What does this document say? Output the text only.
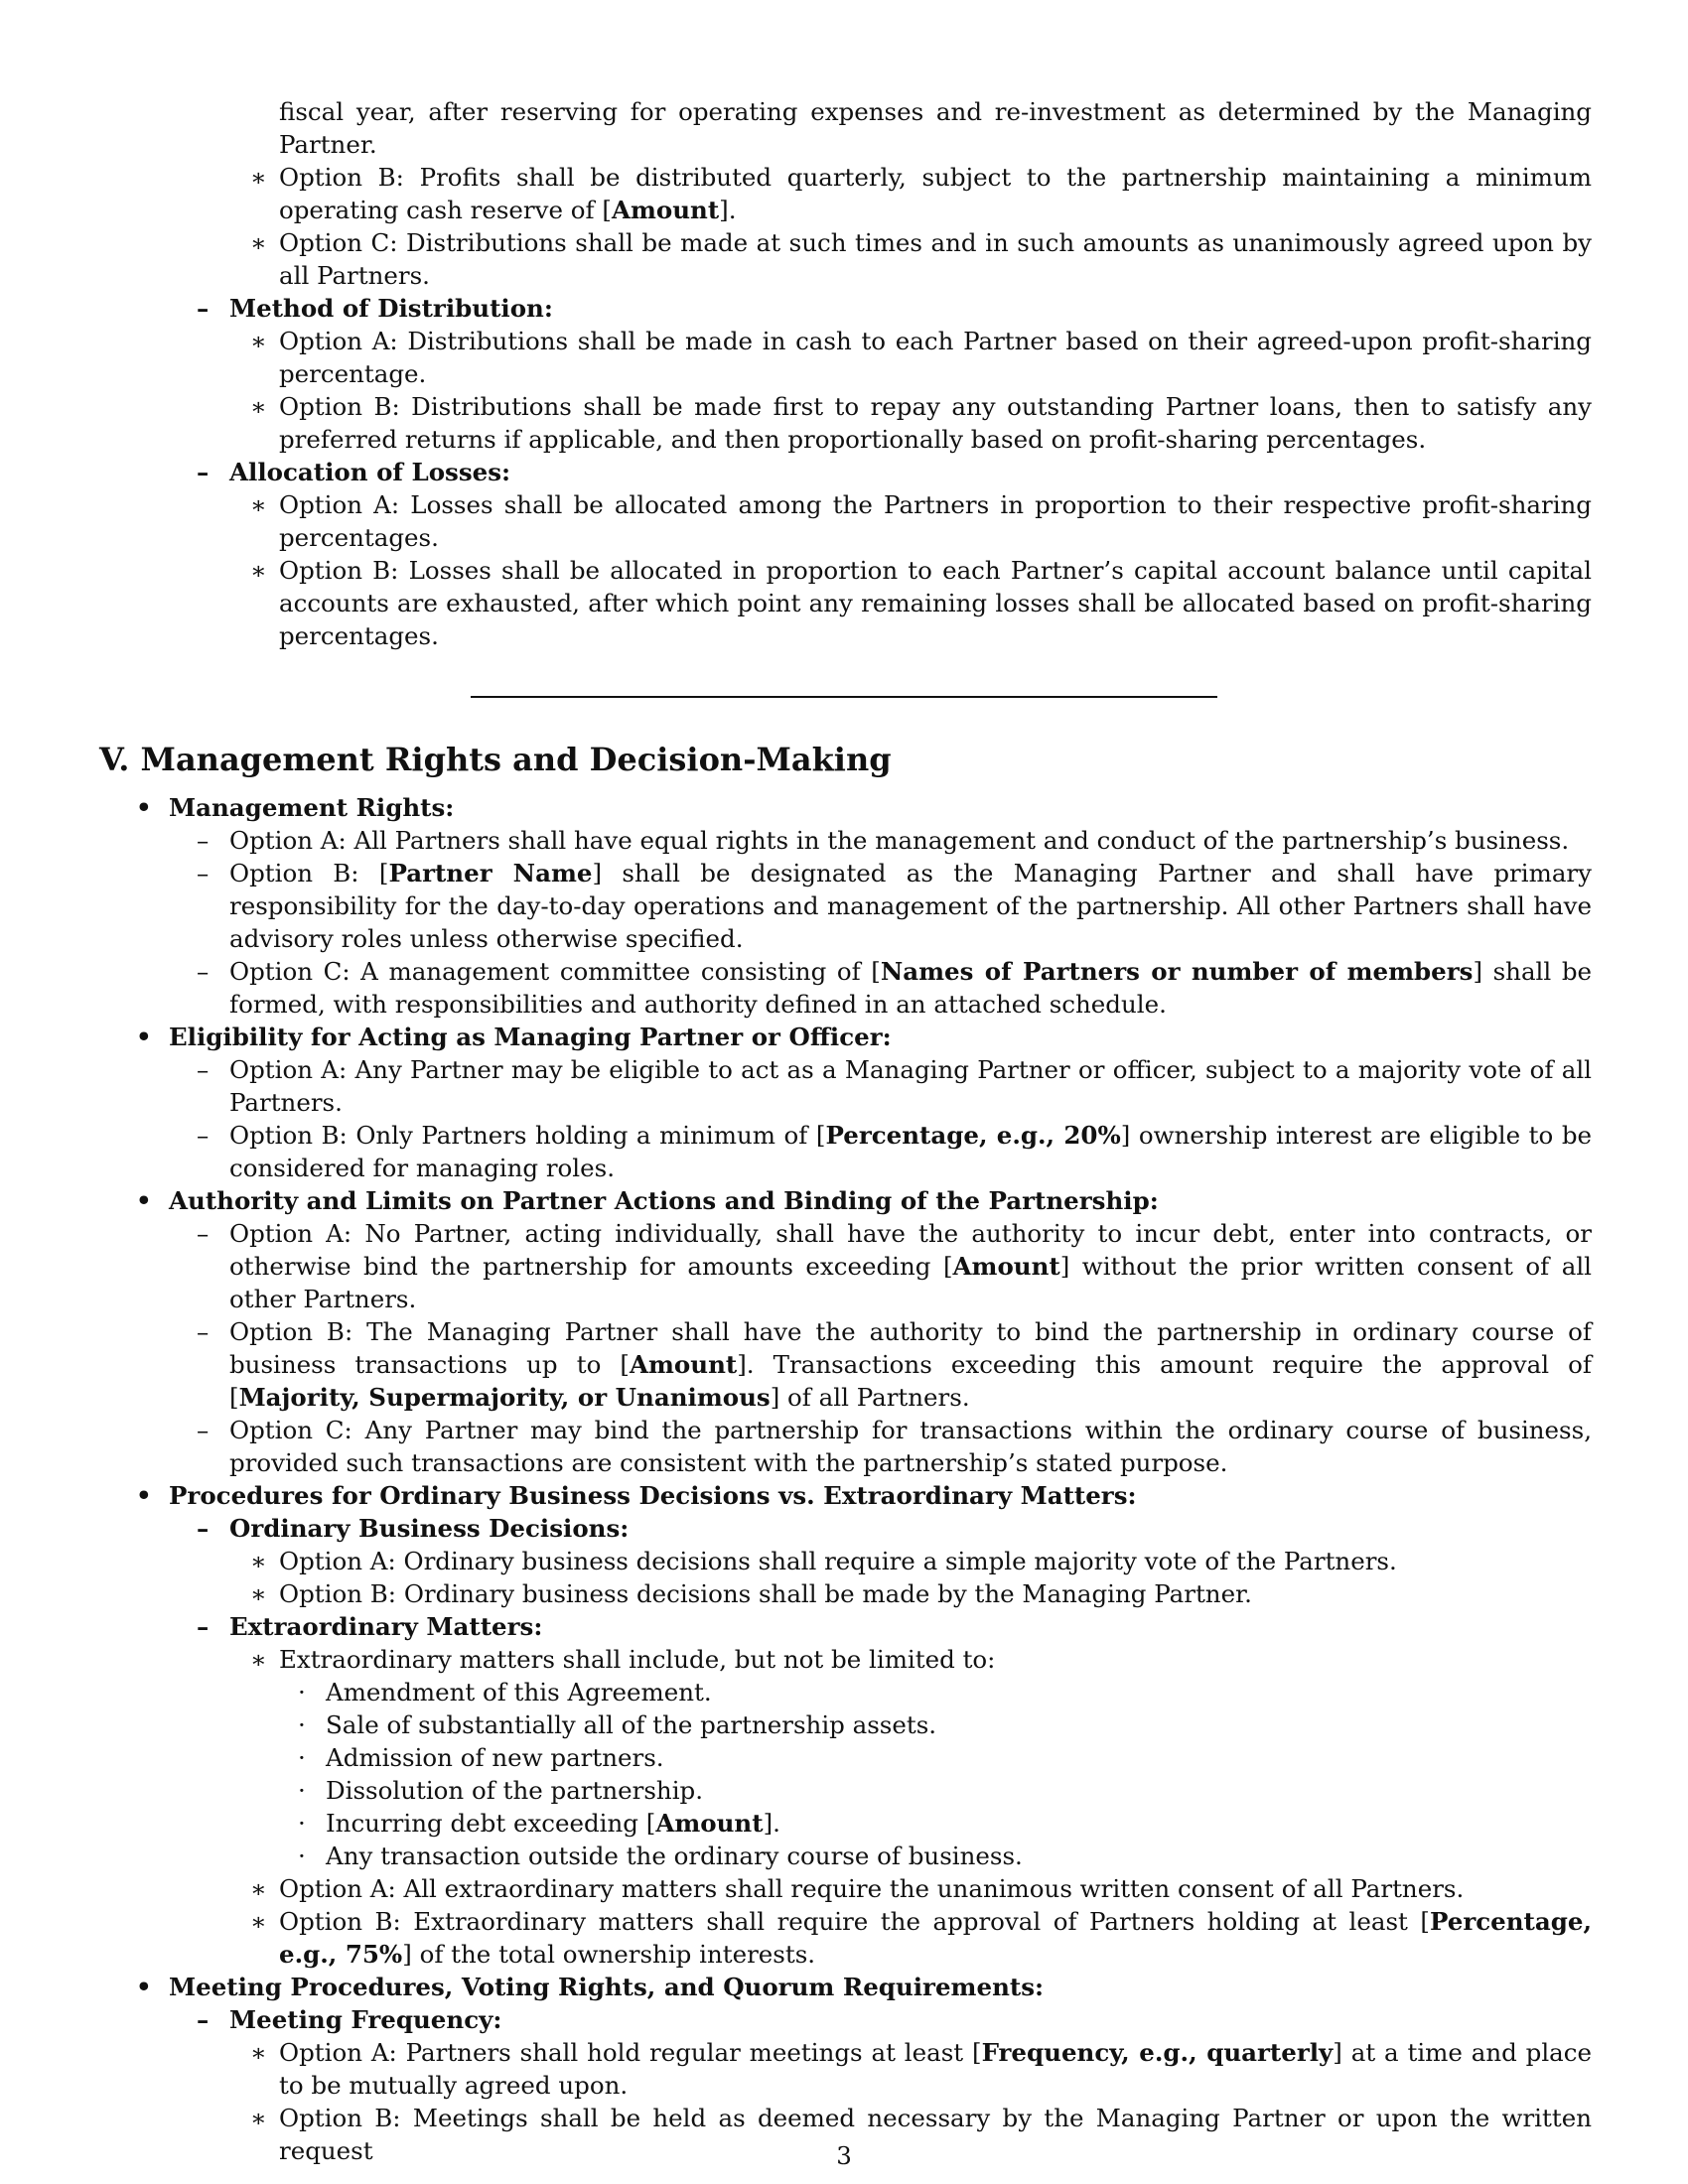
fiscal year, after reserving for operating expenses and re-investment as determined by the Managing Partner.
∗ Option B: Profits shall be distributed quarterly, subject to the partnership maintaining a minimum operating cash reserve of [Amount].
∗ Option C: Distributions shall be made at such times and in such amounts as unanimously agreed upon by all Partners.
– Method of Distribution:
∗ Option A: Distributions shall be made in cash to each Partner based on their agreed-upon profit-sharing percentage.
∗ Option B: Distributions shall be made first to repay any outstanding Partner loans, then to satisfy any preferred returns if applicable, and then proportionally based on profit-sharing percentages.
– Allocation of Losses:
∗ Option A: Losses shall be allocated among the Partners in proportion to their respective profit-sharing percentages.
∗ Option B: Losses shall be allocated in proportion to each Partner’s capital account balance until capital accounts are exhausted, after which point any remaining losses shall be allocated based on profit-sharing percentages.
V. Management Rights and Decision-Making
• Management Rights:
– Option A: All Partners shall have equal rights in the management and conduct of the partnership’s business.
– Option B: [Partner Name] shall be designated as the Managing Partner and shall have primary responsibility for the day-to-day operations and management of the partnership. All other Partners shall have advisory roles unless otherwise specified.
– Option C: A management committee consisting of [Names of Partners or number of members] shall be formed, with responsibilities and authority defined in an attached schedule.
• Eligibility for Acting as Managing Partner or Officer:
– Option A: Any Partner may be eligible to act as a Managing Partner or officer, subject to a majority vote of all Partners.
– Option B: Only Partners holding a minimum of [Percentage, e.g., 20%] ownership interest are eligible to be considered for managing roles.
• Authority and Limits on Partner Actions and Binding of the Partnership:
– Option A: No Partner, acting individually, shall have the authority to incur debt, enter into contracts, or otherwise bind the partnership for amounts exceeding [Amount] without the prior written consent of all other Partners.
– Option B: The Managing Partner shall have the authority to bind the partnership in ordinary course of business transactions up to [Amount]. Transactions exceeding this amount require the approval of [Majority, Supermajority, or Unanimous] of all Partners.
– Option C: Any Partner may bind the partnership for transactions within the ordinary course of business, provided such transactions are consistent with the partnership’s stated purpose.
• Procedures for Ordinary Business Decisions vs. Extraordinary Matters:
– Ordinary Business Decisions:
∗ Option A: Ordinary business decisions shall require a simple majority vote of the Partners.
∗ Option B: Ordinary business decisions shall be made by the Managing Partner.
– Extraordinary Matters:
∗ Extraordinary matters shall include, but not be limited to:
· Amendment of this Agreement.
· Sale of substantially all of the partnership assets.
· Admission of new partners.
· Dissolution of the partnership.
· Incurring debt exceeding [Amount].
· Any transaction outside the ordinary course of business.
∗ Option A: All extraordinary matters shall require the unanimous written consent of all Partners.
∗ Option B: Extraordinary matters shall require the approval of Partners holding at least [Percentage, e.g., 75%] of the total ownership interests.
• Meeting Procedures, Voting Rights, and Quorum Requirements:
– Meeting Frequency:
∗ Option A: Partners shall hold regular meetings at least [Frequency, e.g., quarterly] at a time and place to be mutually agreed upon.
∗ Option B: Meetings shall be held as deemed necessary by the Managing Partner or upon the written request	3
